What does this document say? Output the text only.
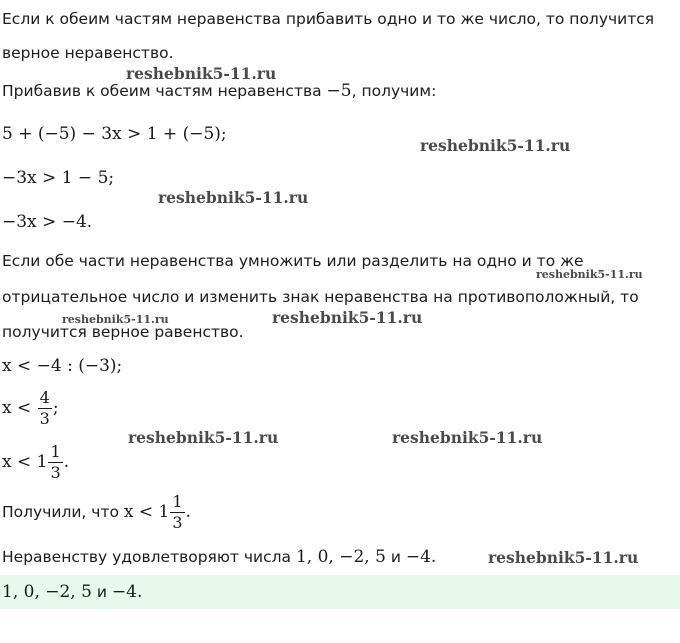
Если к обеим частям неравенства прибавить одно и то же число, то получится
верное неравенство.
Прибавив к обеим частям неравенства −5, получим:
5 + (−5) − 3x > 1 + (−5);
−3x > 1 − 5;
−3x > −4.
Если обе части неравенства умножить или разделить на одно и то же
отрицательное число и изменить знак неравенства на противоположный, то
получится верное равенство.
x < −4 : (−3);
$x < \frac{4}{3}$ ;
$x < 1 \frac{1}{3}$ .
Получили, что $x < 1 \frac{1}{3}$ .
Неравенству удовлетворяют числа 1, 0, −2, 5 и −4.
1, 0, −2, 5 и −4.
reshebnik5-11.ru
reshebnik5-11.ru
reshebnik5-11.ru
reshebnik5-11.ru
reshebnik5-11.ru	reshebnik5-11.ru
reshebnik5-11.ru	reshebnik5-11.ru
reshebnik5-11.ru
